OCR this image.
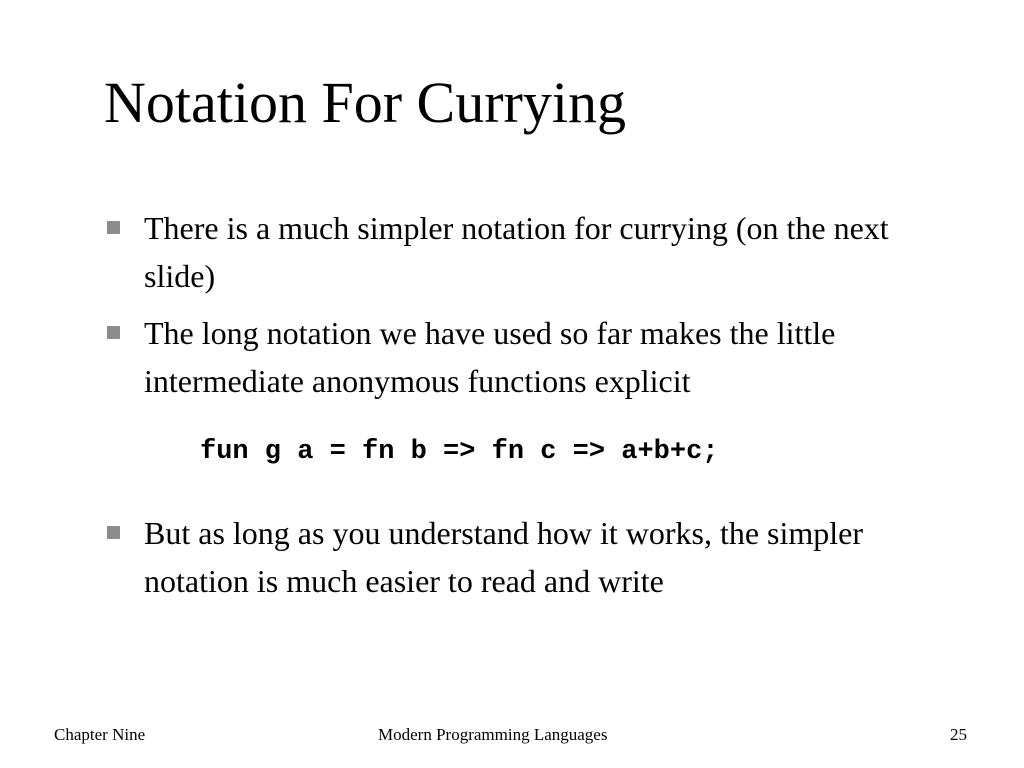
Notation For Currying
There is a much simpler notation for currying (on the next slide)
The long notation we have used so far makes the little intermediate anonymous functions explicit
fun g a = fn b => fn c => a+b+c;
But as long as you understand how it works, the simpler notation is much easier to read and write
Chapter Nine	Modern Programming Languages	25
